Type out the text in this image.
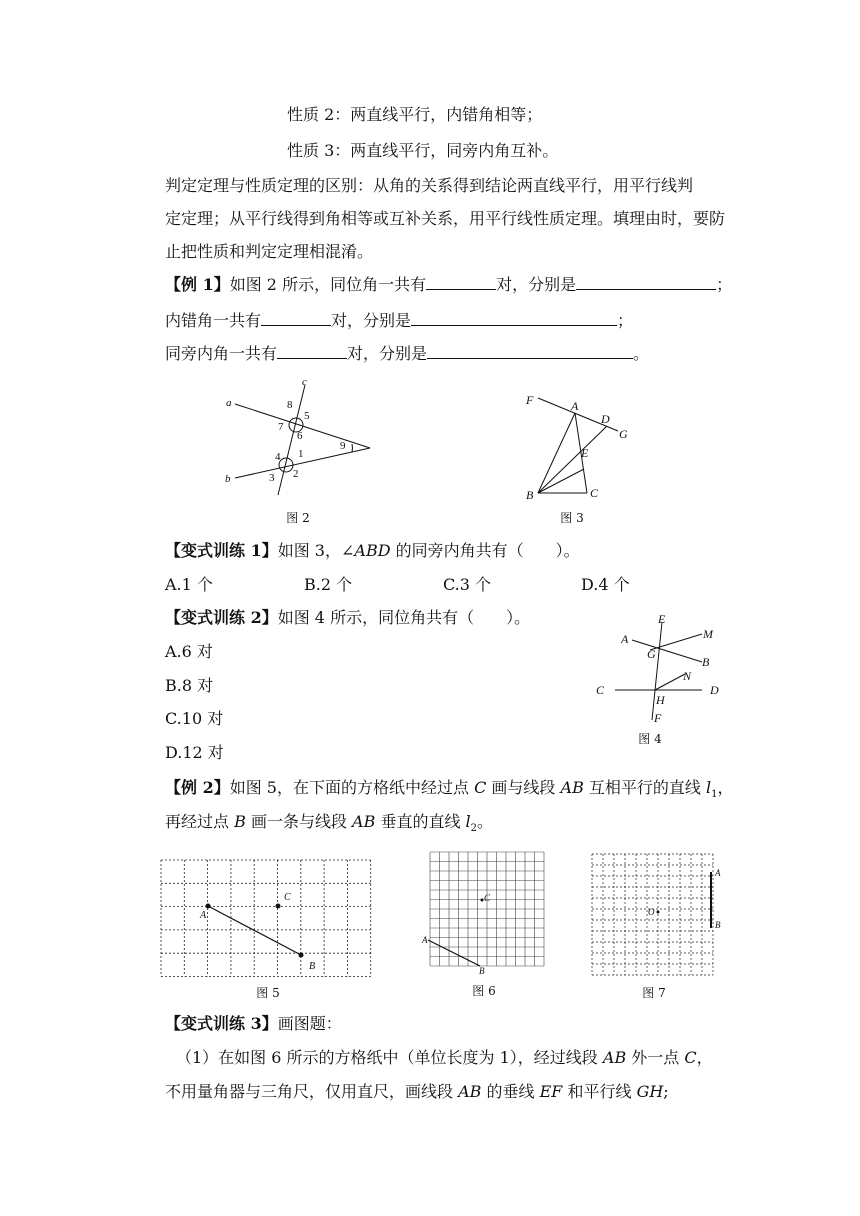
性质 2：两直线平行，内错角相等；
性质 3：两直线平行，同旁内角互补。
判定定理与性质定理的区别：从角的关系得到结论两直线平行，用平行线判
定定理；从平行线得到角相等或互补关系，用平行线性质定理。填理由时，要防
止把性质和判定定理相混淆。
【例 1】如图 2 所示，同位角一共有	对，分别是	；
内错角一共有	对，分别是	；
同旁内角一共有	对，分别是	。
a
b
c
8
5
7
6
4 1
3 2
9
图 2
F	A
D
G
E
B	C
图 3
【变式训练 1】如图 3，∠ABD 的同旁内角共有（　　）。
A.1 个	B.2 个	C.3 个	D.4 个
【变式训练 2】如图 4 所示，同位角共有（　　）。
A.6 对
B.8 对
C.10 对
D.12 对
E
A	M
G
B
N
C
H
D
F
图 4
【例 2】如图 5，在下面的方格纸中经过点 C 画与线段 AB 互相平行的直线 $l_1$，
再经过点 B 画一条与线段 AB 垂直的直线 $l_2$。
A
B
C
图 5
A
B
C
图 6
A
B
O
图 7
【变式训练 3】画图题：
（1）在如图 6 所示的方格纸中（单位长度为 1），经过线段 AB 外一点 C，
不用量角器与三角尺，仅用直尺，画线段 AB 的垂线 EF 和平行线 GH;
